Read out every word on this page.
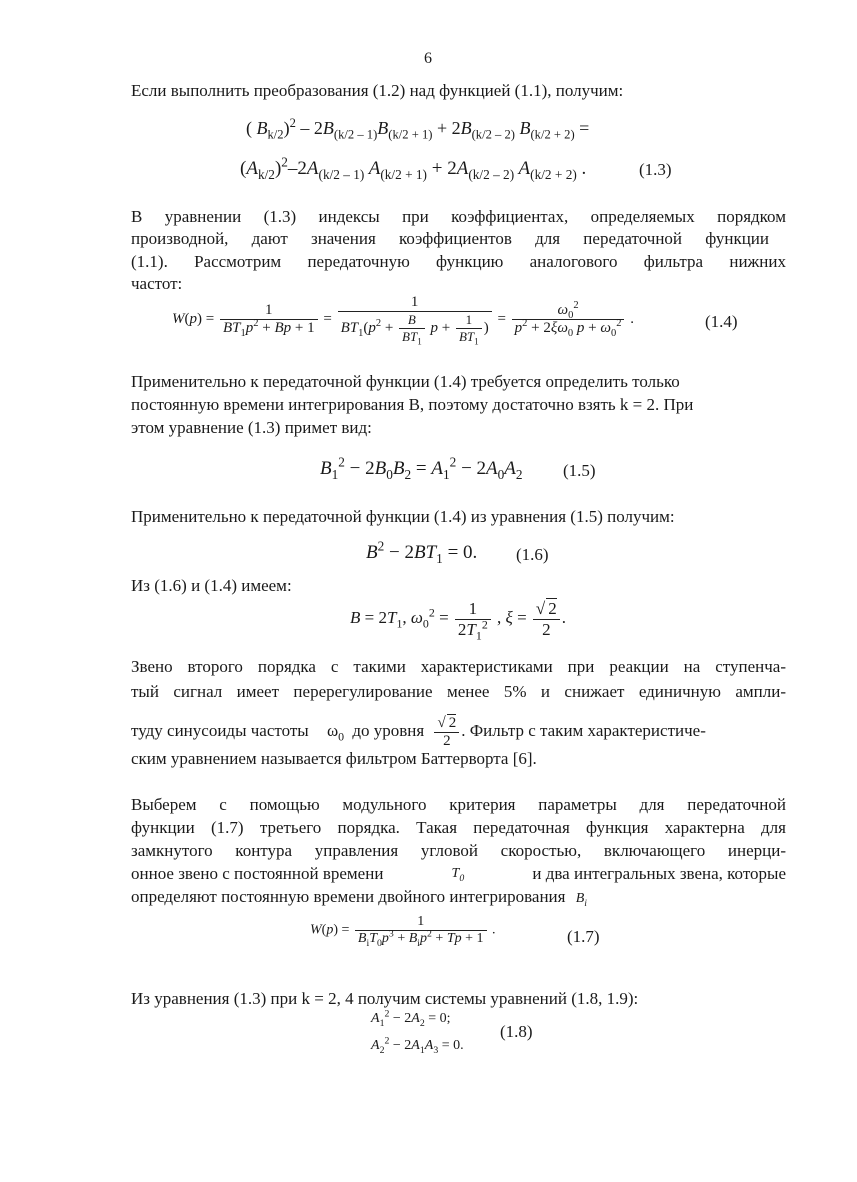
6
Если выполнить преобразования (1.2) над функцией (1.1), получим:
( $B_{k/2})^2 - 2B_{(k/2 - 1)}B_{(k/2 + 1)} + 2B_{(k/2 - 2)}$ $B_{(k/2 + 2)}$ =
$(A_{k/2})^2-2A_{(k/2 - 1)}$ $A_{(k/2 + 1)} + 2A_{(k/2 - 2)}$ $A_{(k/2 + 2)}$ .	(1.3)
В уравнении (1.3) индексы при коэффициентах, определяемых порядком
производной, дают значения коэффициентов для передаточной функции
(1.1). Рассмотрим передаточную функцию аналогового фильтра нижних
частот:
$W(p) = \frac{1}{BT_1p^2 + Bp + 1} = \frac{1}{BT_1(p^2 + \frac{B}{BT_1} p + \frac{1}{BT_1} )} = \frac{\omega_0^2}{p^2 + 2\xi\omega_0 p + \omega_0^2}$ .	(1.4)
Применительно к передаточной функции (1.4) требуется определить только
постоянную времени интегрирования B, поэтому достаточно взять k = 2. При
этом уравнение (1.3) примет вид:
$B_1^2 - 2B_0B_2 = A_1^2 - 2A_0A_2$ (1.5)
Применительно к передаточной функции (1.4) из уравнения (1.5) получим:
$B^2 - 2BT_1 = 0$. (1.6)
Из (1.6) и (1.4) имеем:
$B = 2T_1$, $\omega_0^2 = \frac{1}{2T_1^2}$ , $\xi = \frac{√ 2}{2}$ .
Звено второго порядка с такими характеристиками при реакции на ступенча-
тый сигнал имеет перерегулирование менее 5% и снижает единичную ампли-
туду синусоиды частоты $\omega_0$ до уровня $\frac{√ 2}{2}$ . Фильтр с таким характеристиче-
ским уравнением называется фильтром Баттерворта [6].
Выберем с помощью модульного критерия параметры для передаточной
функции (1.7) третьего порядка. Такая передаточная функция характерна для
замкнутого контура управления угловой скоростью, включающего инерци-
онное звено с постоянной времени	$T_0$	и два интегральных звена, которые
определяют постоянную времени двойного интегрирования $B_i$
$W(p) = \frac{1}{B_iT_0p^3 + B_ip^2 + Tp + 1}$ .	(1.7)
Из уравнения (1.3) при k = 2, 4 получим системы уравнений (1.8, 1.9):
$A_1^2 - 2A_2 = 0$;
$A_2^2 - 2A_1A_3 = 0$.
(1.8)
